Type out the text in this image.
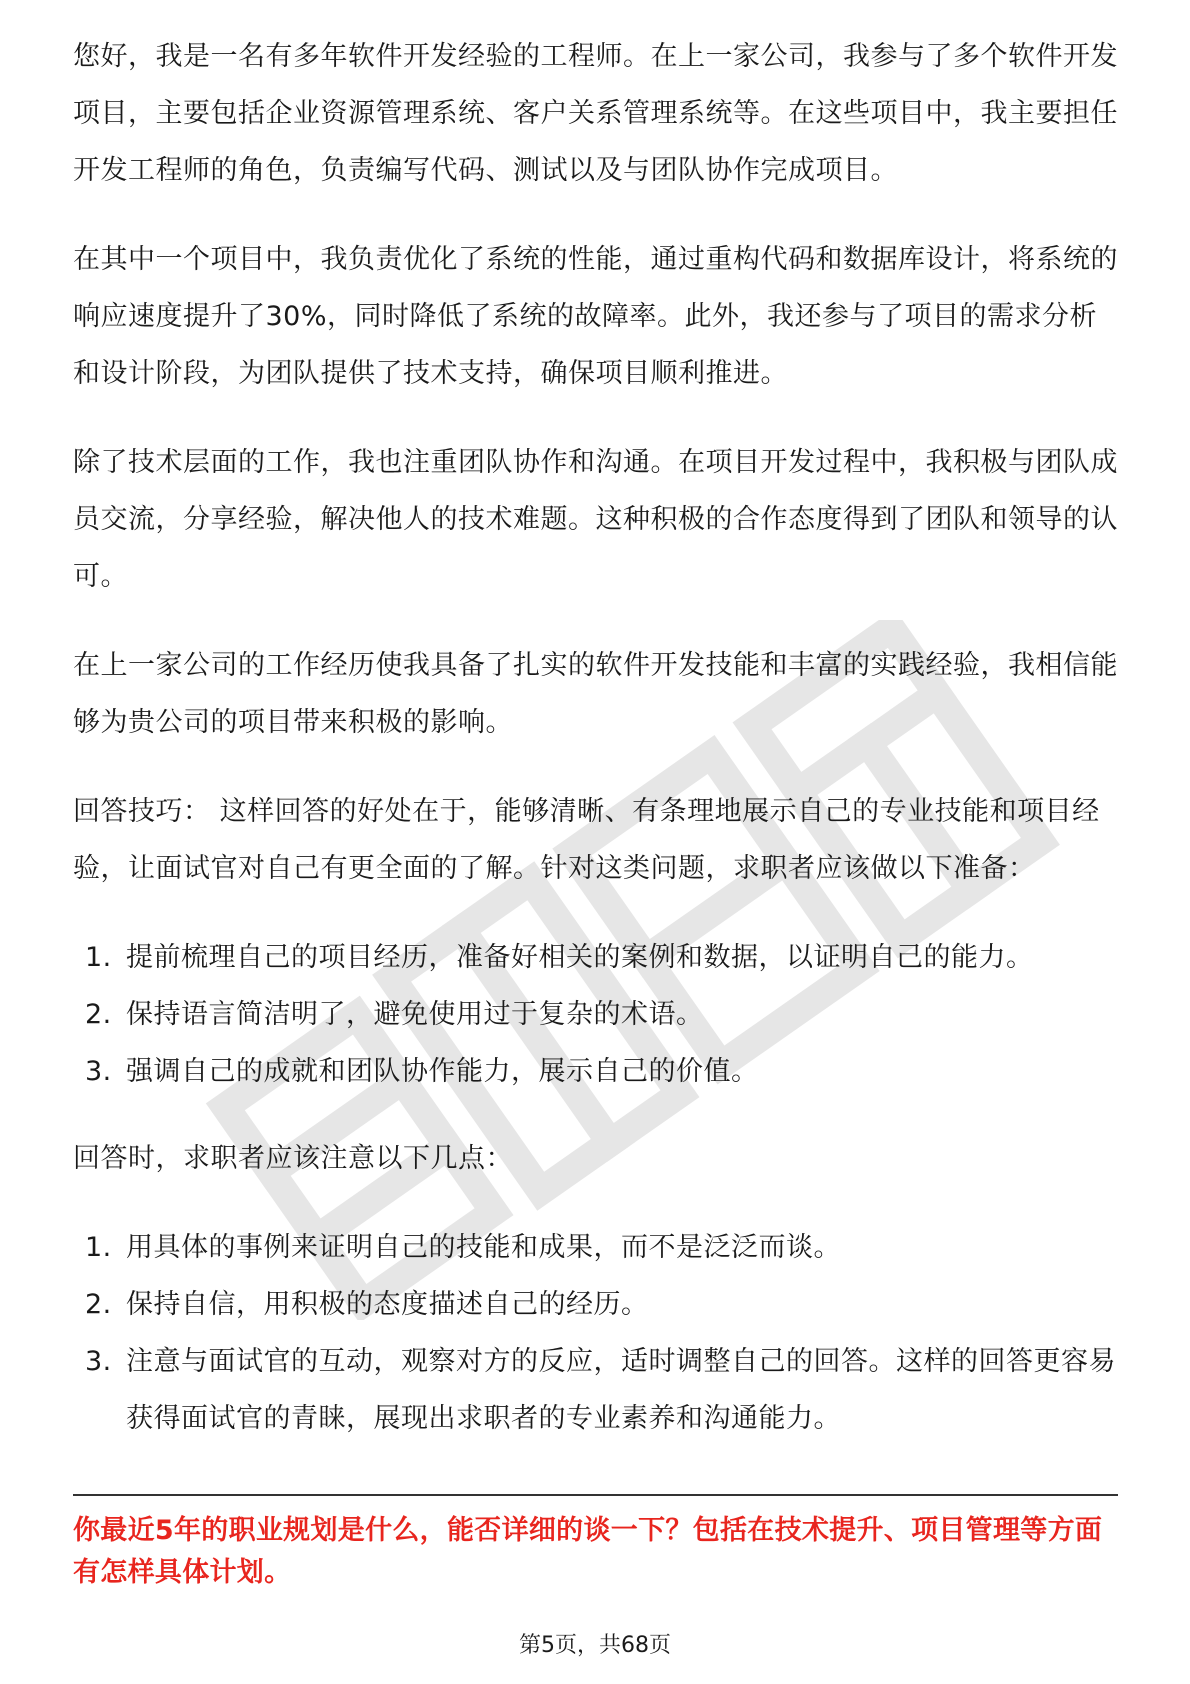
您好，我是一名有多年软件开发经验的工程师。在上一家公司，我参与了多个软件开发项目，主要包括企业资源管理系统、客户关系管理系统等。在这些项目中，我主要担任开发工程师的角色，负责编写代码、测试以及与团队协作完成项目。

在其中一个项目中，我负责优化了系统的性能，通过重构代码和数据库设计，将系统的响应速度提升了30%，同时降低了系统的故障率。此外，我还参与了项目的需求分析和设计阶段，为团队提供了技术支持，确保项目顺利推进。

除了技术层面的工作，我也注重团队协作和沟通。在项目开发过程中，我积极与团队成员交流，分享经验，解决他人的技术难题。这种积极的合作态度得到了团队和领导的认可。

在上一家公司的工作经历使我具备了扎实的软件开发技能和丰富的实践经验，我相信能够为贵公司的项目带来积极的影响。

回答技巧： 这样回答的好处在于，能够清晰、有条理地展示自己的专业技能和项目经验，让面试官对自己有更全面的了解。针对这类问题，求职者应该做以下准备：

1. 提前梳理自己的项目经历，准备好相关的案例和数据，以证明自己的能力。
2. 保持语言简洁明了，避免使用过于复杂的术语。
3. 强调自己的成就和团队协作能力，展示自己的价值。

回答时，求职者应该注意以下几点：

1. 用具体的事例来证明自己的技能和成果，而不是泛泛而谈。
2. 保持自信，用积极的态度描述自己的经历。
3. 注意与面试官的互动，观察对方的反应，适时调整自己的回答。这样的回答更容易获得面试官的青睐，展现出求职者的专业素养和沟通能力。

你最近5年的职业规划是什么，能否详细的谈一下？包括在技术提升、项目管理等方面有怎样具体计划。

第5页，共68页
